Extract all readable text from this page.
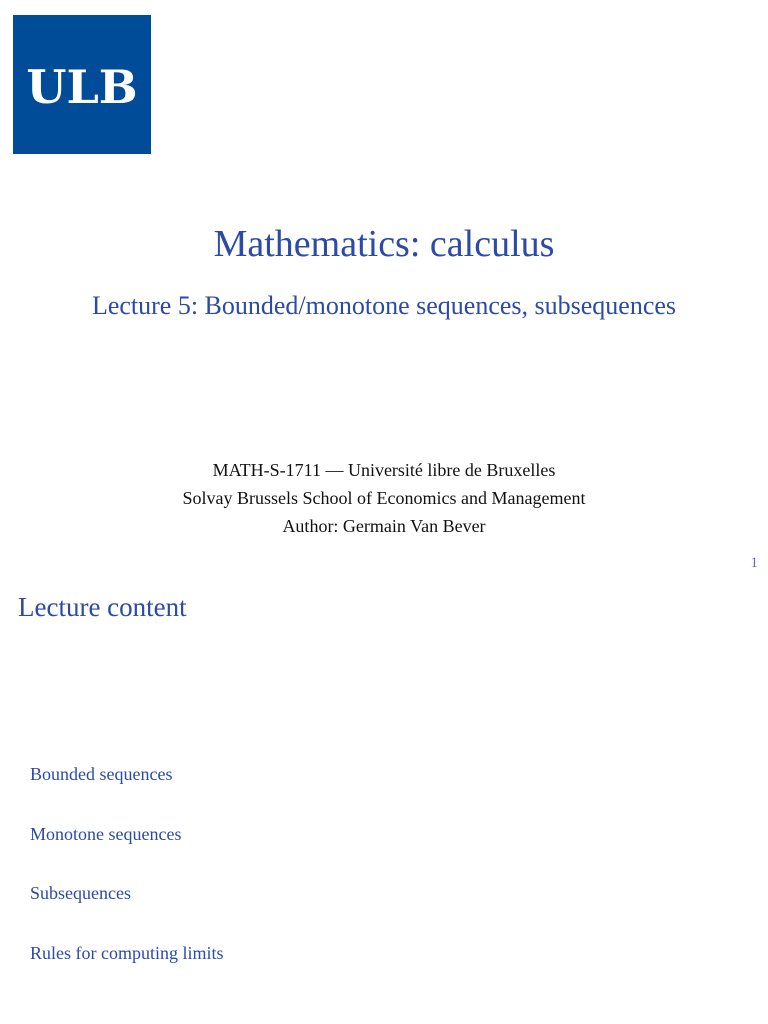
ULB
Mathematics: calculus
Lecture 5: Bounded/monotone sequences, subsequences
MATH-S-1711 — Université libre de Bruxelles
Solvay Brussels School of Economics and Management
Author: Germain Van Bever
1
Lecture content
Bounded sequences
Monotone sequences
Subsequences
Rules for computing limits
